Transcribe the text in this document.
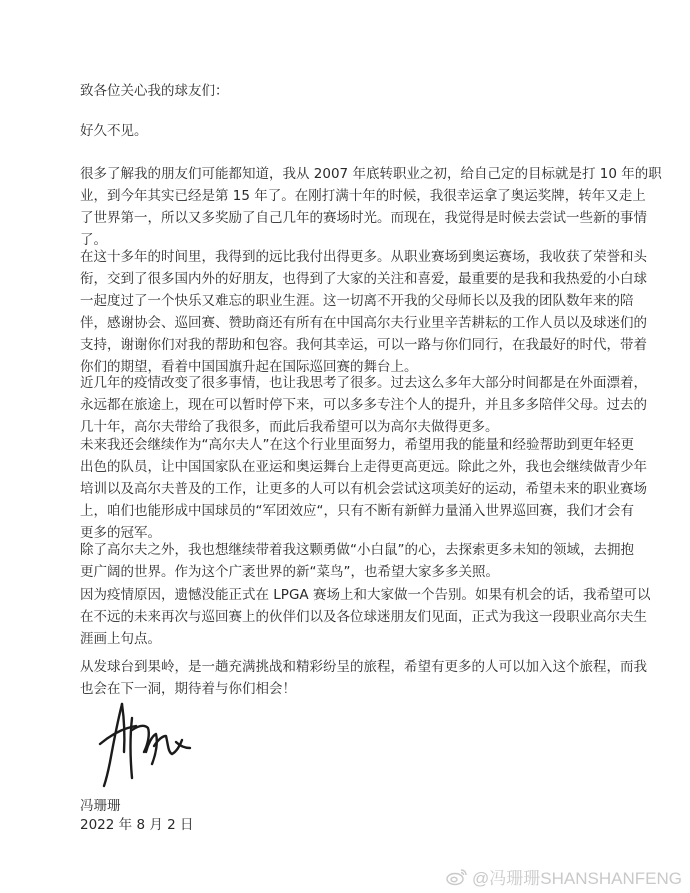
致各位关心我的球友们：
好久不见。
很多了解我的朋友们可能都知道，我从 2007 年底转职业之初，给自己定的目标就是打 10 年的职
业，到今年其实已经是第 15 年了。在刚打满十年的时候，我很幸运拿了奥运奖牌，转年又走上
了世界第一，所以又多奖励了自己几年的赛场时光。而现在，我觉得是时候去尝试一些新的事情
了。
在这十多年的时间里，我得到的远比我付出得更多。从职业赛场到奥运赛场，我收获了荣誉和头
衔，交到了很多国内外的好朋友，也得到了大家的关注和喜爱，最重要的是我和我热爱的小白球
一起度过了一个快乐又难忘的职业生涯。这一切离不开我的父母师长以及我的团队数年来的陪
伴，感谢协会、巡回赛、赞助商还有所有在中国高尔夫行业里辛苦耕耘的工作人员以及球迷们的
支持，谢谢你们对我的帮助和包容。我何其幸运，可以一路与你们同行，在我最好的时代，带着
你们的期望，看着中国国旗升起在国际巡回赛的舞台上。
近几年的疫情改变了很多事情，也让我思考了很多。过去这么多年大部分时间都是在外面漂着，
永远都在旅途上，现在可以暂时停下来，可以多多专注个人的提升，并且多多陪伴父母。过去的
几十年，高尔夫带给了我很多，而此后我希望可以为高尔夫做得更多。
未来我还会继续作为“高尔夫人”在这个行业里面努力，希望用我的能量和经验帮助到更年轻更
出色的队员，让中国国家队在亚运和奥运舞台上走得更高更远。除此之外，我也会继续做青少年
培训以及高尔夫普及的工作，让更多的人可以有机会尝试这项美好的运动，希望未来的职业赛场
上，咱们也能形成中国球员的“军团效应“，只有不断有新鲜力量涌入世界巡回赛，我们才会有
更多的冠军。
除了高尔夫之外，我也想继续带着我这颗勇做“小白鼠”的心，去探索更多未知的领域，去拥抱
更广阔的世界。作为这个广袤世界的新“菜鸟”，也希望大家多多关照。
因为疫情原因，遗憾没能正式在 LPGA 赛场上和大家做一个告别。如果有机会的话，我希望可以
在不远的未来再次与巡回赛上的伙伴们以及各位球迷朋友们见面，正式为我这一段职业高尔夫生
涯画上句点。
从发球台到果岭，是一趟充满挑战和精彩纷呈的旅程，希望有更多的人可以加入这个旅程，而我
也会在下一洞，期待着与你们相会！
冯珊珊
2022 年 8 月 2 日
@冯珊珊SHANSHANFENG
